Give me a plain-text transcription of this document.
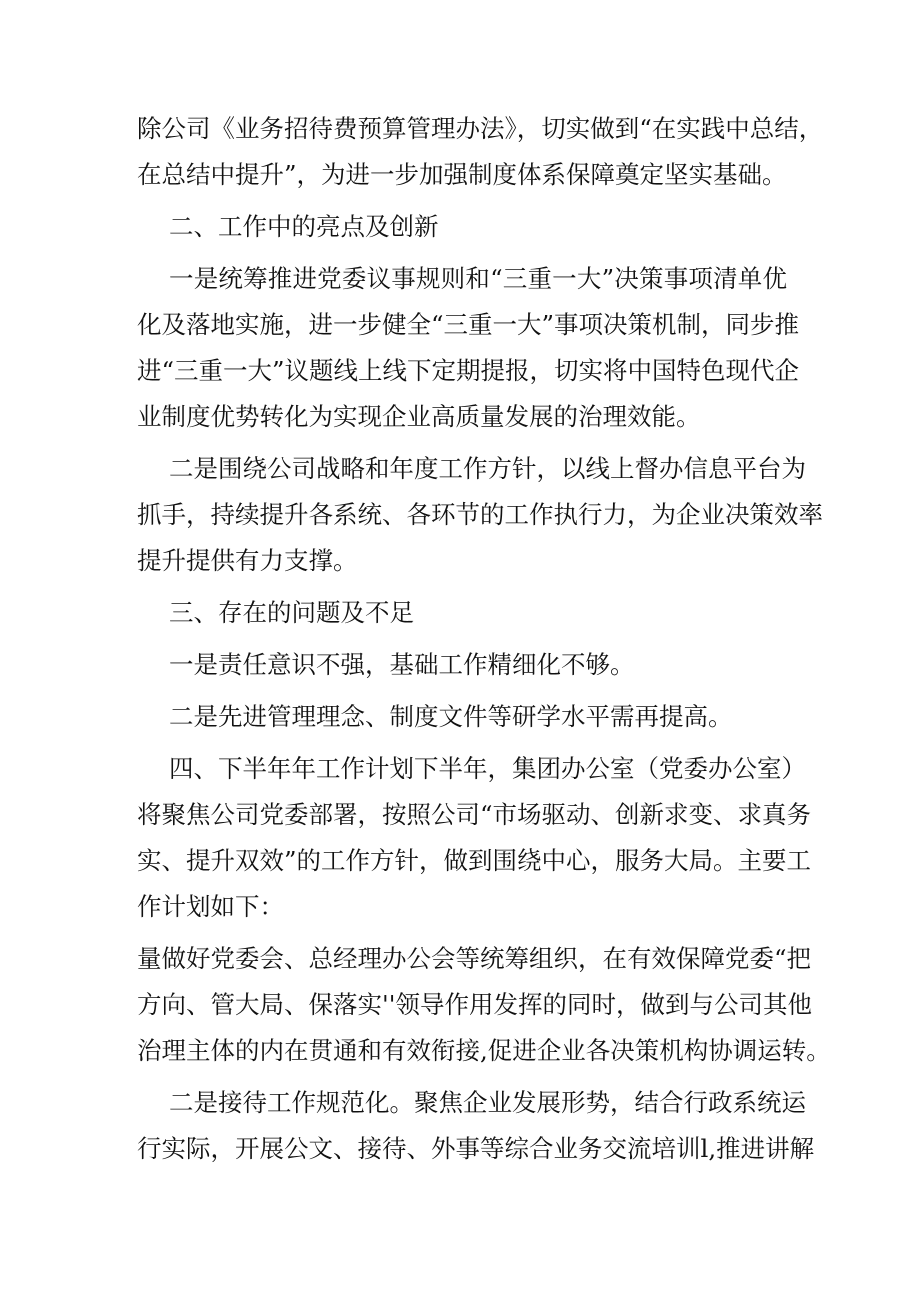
除公司《业务招待费预算管理办法》，切实做到“在实践中总结，
在总结中提升”，为进一步加强制度体系保障奠定坚实基础。
二、工作中的亮点及创新
一是统筹推进党委议事规则和“三重一大”决策事项清单优
化及落地实施，进一步健全“三重一大”事项决策机制，同步推
进“三重一大”议题线上线下定期提报，切实将中国特色现代企
业制度优势转化为实现企业高质量发展的治理效能。
二是围绕公司战略和年度工作方针，以线上督办信息平台为
抓手，持续提升各系统、各环节的工作执行力，为企业决策效率
提升提供有力支撑。
三、存在的问题及不足
一是责任意识不强，基础工作精细化不够。
二是先进管理理念、制度文件等研学水平需再提高。
四、下半年年工作计划下半年，集团办公室（党委办公室）
将聚焦公司党委部署，按照公司“市场驱动、创新求变、求真务
实、提升双效”的工作方针，做到围绕中心，服务大局。主要工
作计划如下：
量做好党委会、总经理办公会等统筹组织，在有效保障党委“把
方向、管大局、保落实''领导作用发挥的同时，做到与公司其他
治理主体的内在贯通和有效衔接,促进企业各决策机构协调运转。
二是接待工作规范化。聚焦企业发展形势，结合行政系统运
行实际，开展公文、接待、外事等综合业务交流培训l,推进讲解
